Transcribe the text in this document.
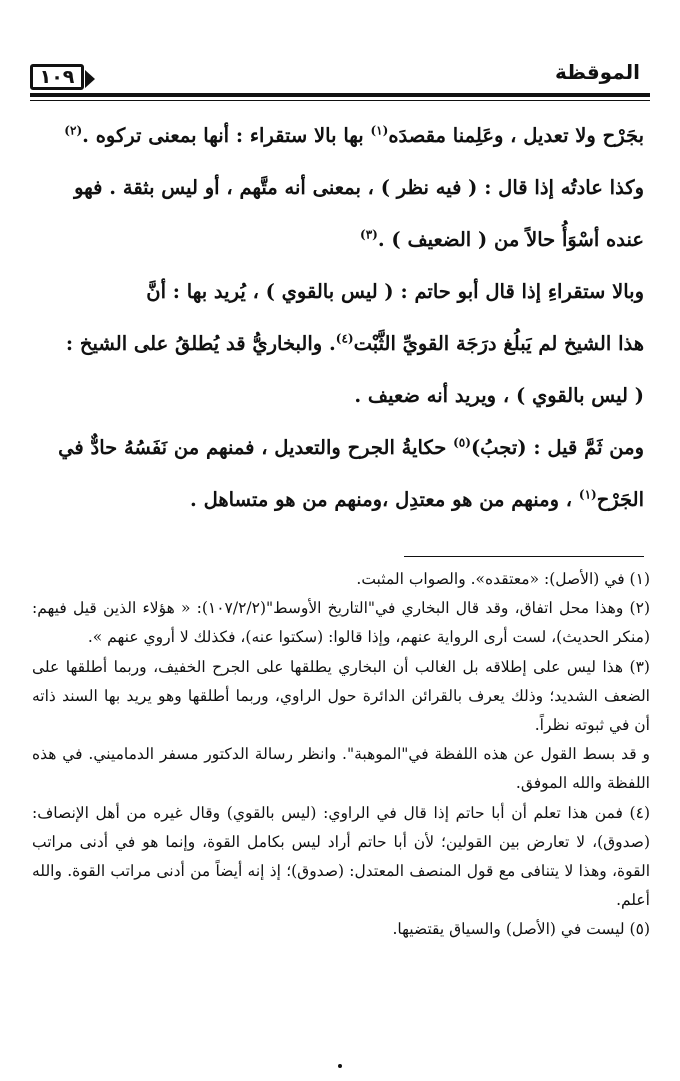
١٠٩	الموقظة

بجَرْح ولا تعديل ، وعَلِمنا مقصدَه$^{(١)}$ بها بالا ستقراء : أنها بمعنى تركوه .$^{(٢)}$

وكذا عادتُه إذا قال : ( فيه نظر ) ، بمعنى أنه متَّهم ، أو ليس بثقة . فهو

عنده أسْوَأُ حالاً من ( الضعيف ) .$^{(٣)}$

وبالا ستقراءِ إذا قال أبو حاتم : ( ليس بالقوي ) ، يُريد بها : أنَّ

هذا الشيخ لم يَبلُغ درَجَة القويِّ الثَّبْت$^{(٤)}$. والبخاريُّ قد يُطلقُ على الشيخ :

( ليس بالقوي ) ، ويريد أنه ضعيف .

ومن ثَمَّ قيل : (تجبُ)$^{(٥)}$ حكايةُ الجرح والتعديل ، فمنهم من نَفَسُهُ حادٌّ في

الجَرْح$^{(١)}$ ، ومنهم من هو معتدِل ،ومنهم من هو متساهل .

(١) في (الأصل): «معتقده». والصواب المثبت.

(٢) وهذا محل اتفاق، وقد قال البخاري في"التاريخ الأوسط"(١٠٧/٢/٢): « هؤلاء الذين قيل فيهم: (منكر الحديث)، لست أرى الرواية عنهم، وإذا قالوا: (سكتوا عنه)، فكذلك لا أروي عنهم ».

(٣) هذا ليس على إطلاقه بل الغالب أن البخاري يطلقها على الجرح الخفيف، وربما أطلقها على الضعف الشديد؛ وذلك يعرف بالقرائن الدائرة حول الراوي، وربما أطلقها وهو يريد بها السند ذاته أن في ثبوته نظراً.

و قد بسط القول عن هذه اللفظة في"الموهبة". وانظر رسالة الدكتور مسفر الدماميني. في هذه اللفظة والله الموفق.

(٤) فمن هذا تعلم أن أبا حاتم إذا قال في الراوي: (ليس بالقوي) وقال غيره من أهل الإنصاف: (صدوق)، لا تعارض بين القولين؛ لأن أبا حاتم أراد ليس بكامل القوة، وإنما هو في أدنى مراتب القوة، وهذا لا يتنافى مع قول المنصف المعتدل: (صدوق)؛ إذ إنه أيضاً من أدنى مراتب القوة. والله أعلم.

(٥) ليست في (الأصل) والسياق يقتضيها.
